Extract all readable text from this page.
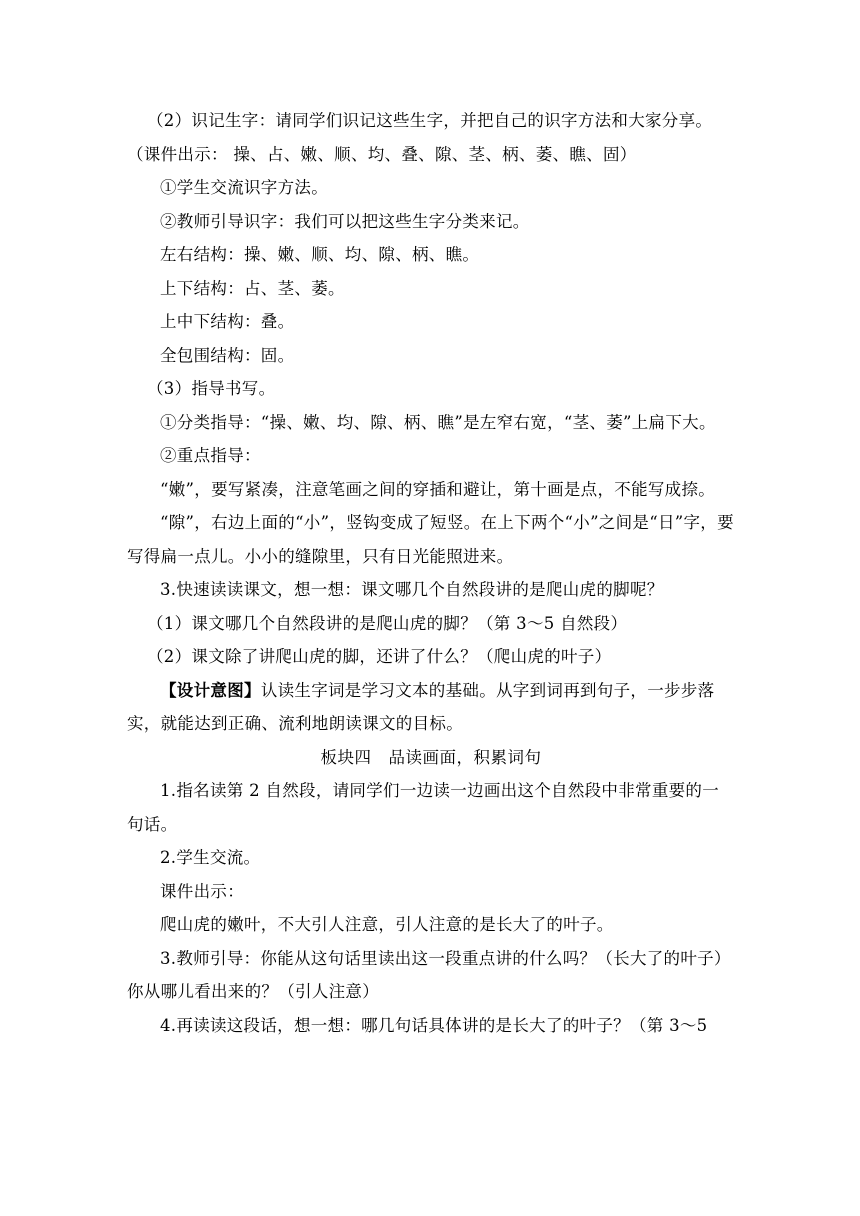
（2）识记生字：请同学们识记这些生字，并把自己的识字方法和大家分享。（课件出示： 操、占、嫩、顺、均、叠、隙、茎、柄、萎、瞧、固）

①学生交流识字方法。

②教师引导识字：我们可以把这些生字分类来记。

左右结构：操、嫩、顺、均、隙、柄、瞧。

上下结构：占、茎、萎。

上中下结构：叠。

全包围结构：固。

（3）指导书写。

①分类指导：“操、嫩、均、隙、柄、瞧”是左窄右宽，“茎、萎”上扁下大。

②重点指导：

“嫩”，要写紧凑，注意笔画之间的穿插和避让，第十画是点，不能写成捺。

“隙”，右边上面的“小”，竖钩变成了短竖。在上下两个“小”之间是“日”字，要写得扁一点儿。小小的缝隙里，只有日光能照进来。

3.快速读读课文，想一想：课文哪几个自然段讲的是爬山虎的脚呢？

（1）课文哪几个自然段讲的是爬山虎的脚？（第 3～5 自然段）

（2）课文除了讲爬山虎的脚，还讲了什么？（爬山虎的叶子）

【设计意图】认读生字词是学习文本的基础。从字到词再到句子，一步步落实，就能达到正确、流利地朗读课文的目标。

板块四　品读画面，积累词句

1.指名读第 2 自然段，请同学们一边读一边画出这个自然段中非常重要的一句话。

2.学生交流。

课件出示：

爬山虎的嫩叶，不大引人注意，引人注意的是长大了的叶子。

3.教师引导：你能从这句话里读出这一段重点讲的什么吗？（长大了的叶子）你从哪儿看出来的？（引人注意）

4.再读读这段话，想一想：哪几句话具体讲的是长大了的叶子？（第 3～5
